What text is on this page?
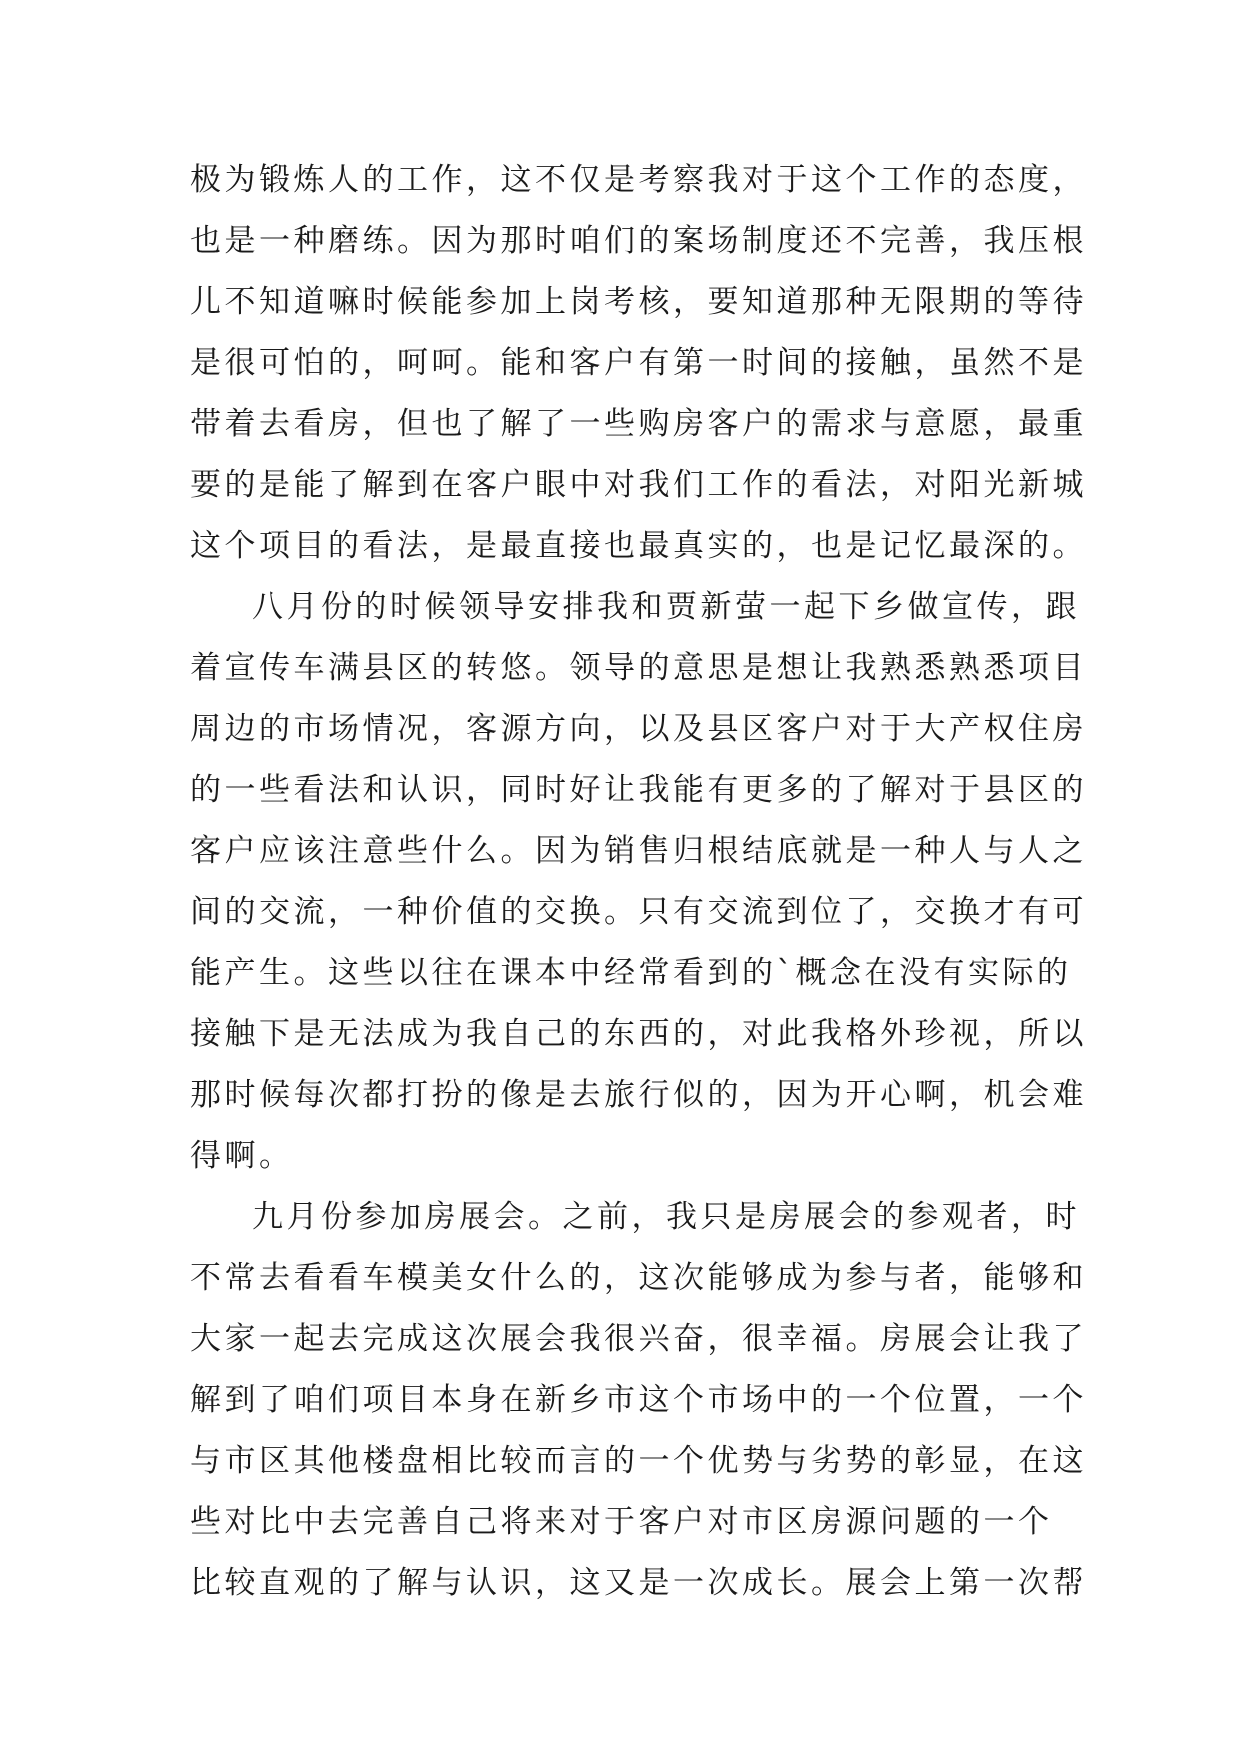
极为锻炼人的工作，这不仅是考察我对于这个工作的态度，
也是一种磨练。因为那时咱们的案场制度还不完善，我压根
儿不知道嘛时候能参加上岗考核，要知道那种无限期的等待
是很可怕的，呵呵。能和客户有第一时间的接触，虽然不是
带着去看房，但也了解了一些购房客户的需求与意愿，最重
要的是能了解到在客户眼中对我们工作的看法，对阳光新城
这个项目的看法，是最直接也最真实的，也是记忆最深的。
八月份的时候领导安排我和贾新萤一起下乡做宣传，跟
着宣传车满县区的转悠。领导的意思是想让我熟悉熟悉项目
周边的市场情况，客源方向，以及县区客户对于大产权住房
的一些看法和认识，同时好让我能有更多的了解对于县区的
客户应该注意些什么。因为销售归根结底就是一种人与人之
间的交流，一种价值的交换。只有交流到位了，交换才有可
能产生。这些以往在课本中经常看到的`概念在没有实际的
接触下是无法成为我自己的东西的，对此我格外珍视，所以
那时候每次都打扮的像是去旅行似的，因为开心啊，机会难
得啊。
九月份参加房展会。之前，我只是房展会的参观者，时
不常去看看车模美女什么的，这次能够成为参与者，能够和
大家一起去完成这次展会我很兴奋，很幸福。房展会让我了
解到了咱们项目本身在新乡市这个市场中的一个位置，一个
与市区其他楼盘相比较而言的一个优势与劣势的彰显，在这
些对比中去完善自己将来对于客户对市区房源问题的一个
比较直观的了解与认识，这又是一次成长。展会上第一次帮
